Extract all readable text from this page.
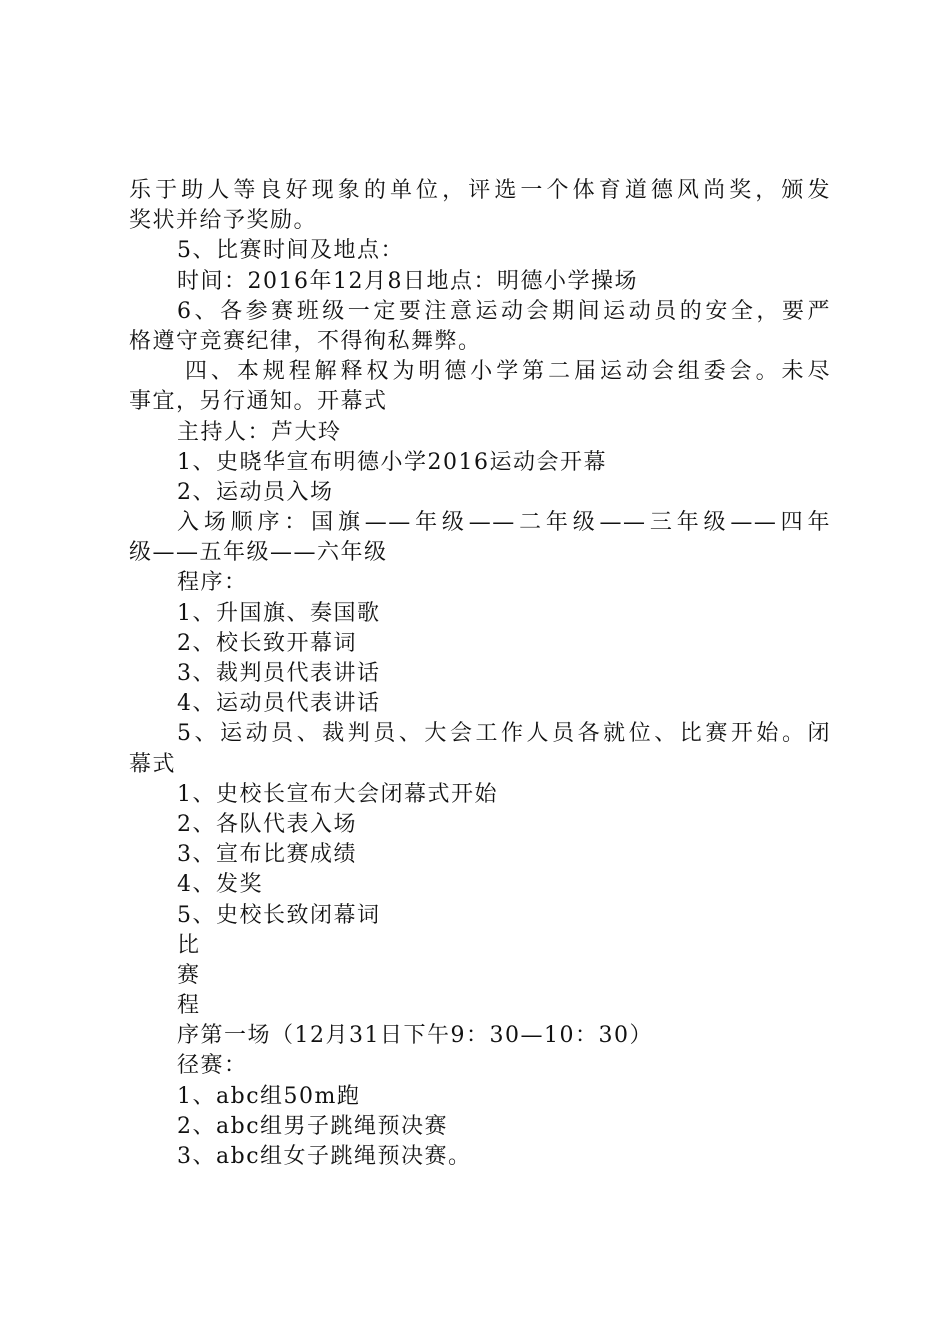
乐于助人等良好现象的单位，评选一个体育道德风尚奖，颁发
奖状并给予奖励。
5、比赛时间及地点：
时间：2016年12月8日地点：明德小学操场
6、各参赛班级一定要注意运动会期间运动员的安全，要严
格遵守竞赛纪律，不得徇私舞弊。
四、本规程解释权为明德小学第二届运动会组委会。未尽
事宜，另行通知。开幕式
主持人：芦大玲
1、史晓华宣布明德小学2016运动会开幕
2、运动员入场
入场顺序：国旗——年级——二年级——三年级——四年
级——五年级——六年级
程序：
1、升国旗、奏国歌
2、校长致开幕词
3、裁判员代表讲话
4、运动员代表讲话
5、运动员、裁判员、大会工作人员各就位、比赛开始。闭
幕式
1、史校长宣布大会闭幕式开始
2、各队代表入场
3、宣布比赛成绩
4、发奖
5、史校长致闭幕词
比
赛
程
序第一场（12月31日下午9：30—10：30）
径赛：
1、abc组50m跑
2、abc组男子跳绳预决赛
3、abc组女子跳绳预决赛。
